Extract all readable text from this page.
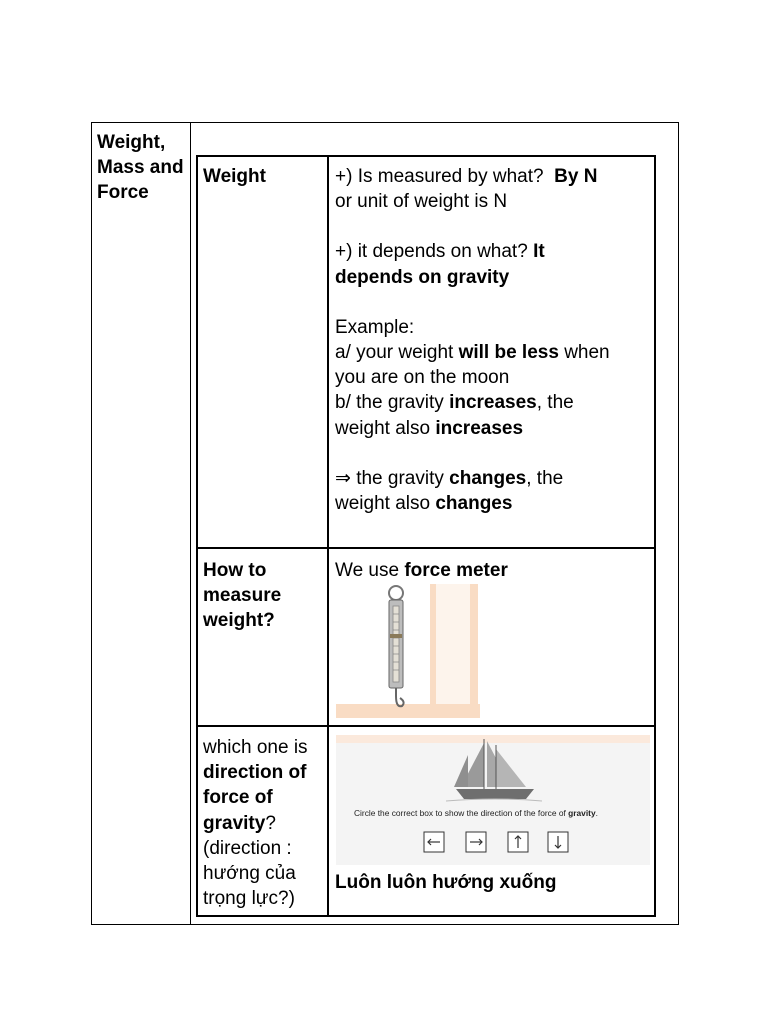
Weight, Mass and Force
Weight	+) Is measured by what? By N
or unit of weight is N
+) it depends on what? It
depends on gravity
Example:
a/ your weight will be less when
you are on the moon
b/ the gravity increases, the
weight also increases
⇒ the gravity changes, the
weight also changes
How to measure weight?
We use force meter
which one is direction of force of gravity? (direction : hướng của trọng lực?)
Circle the correct box to show the direction of the force of gravity.
Luôn luôn hướng xuống
